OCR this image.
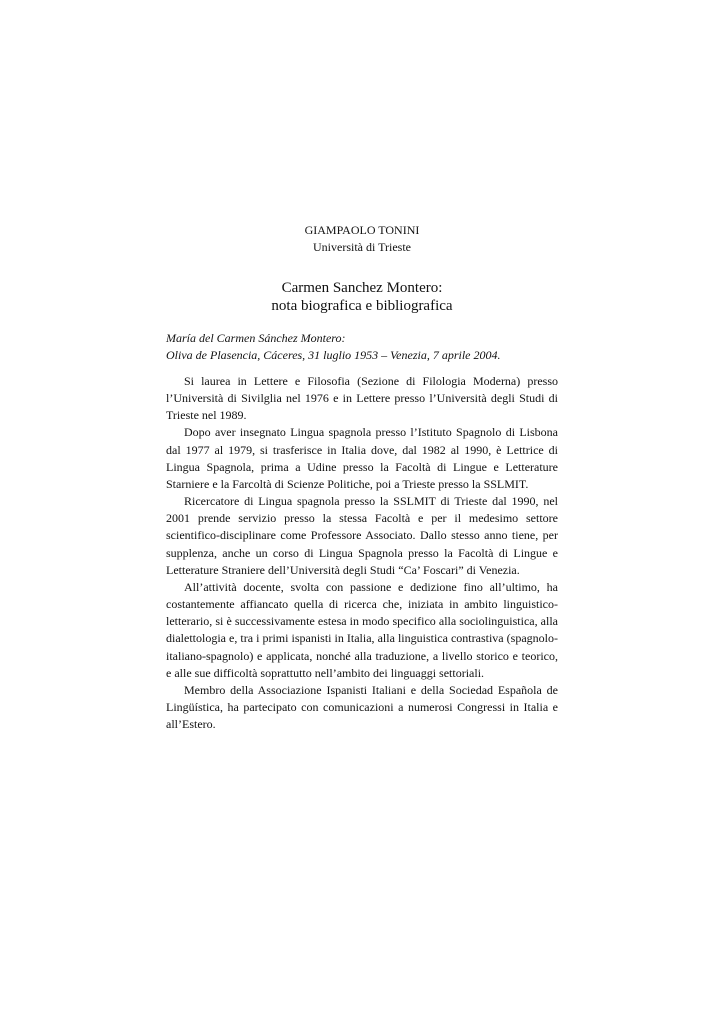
GIAMPAOLO TONINI
Università di Trieste
Carmen Sanchez Montero:
nota biografica e bibliografica
María del Carmen Sánchez Montero:
Oliva de Plasencia, Cáceres, 31 luglio 1953 – Venezia, 7 aprile 2004.

Si laurea in Lettere e Filosofia (Sezione di Filologia Moderna) presso l’Università di Sivilglia nel 1976 e in Lettere presso l’Università degli Studi di Trieste nel 1989.

Dopo aver insegnato Lingua spagnola presso l’Istituto Spagnolo di Lisbona dal 1977 al 1979, si trasferisce in Italia dove, dal 1982 al 1990, è Lettrice di Lingua Spagnola, prima a Udine presso la Facoltà di Lingue e Letterature Starniere e la Farcoltà di Scienze Politiche, poi a Trieste presso la SSLMIT.

Ricercatore di Lingua spagnola presso la SSLMIT di Trieste dal 1990, nel 2001 prende servizio presso la stessa Facoltà e per il medesimo settore scientifico-disciplinare come Professore Associato. Dallo stesso anno tiene, per supplenza, anche un corso di Lingua Spagnola presso la Facoltà di Lingue e Letterature Straniere dell’Università degli Studi “Ca’ Foscari” di Venezia.

All’attività docente, svolta con passione e dedizione fino all’ultimo, ha costantemente affiancato quella di ricerca che, iniziata in ambito linguistico-letterario, si è successivamente estesa in modo specifico alla sociolinguistica, alla dialettologia e, tra i primi ispanisti in Italia, alla linguistica contrastiva (spagnolo-italiano-spagnolo) e applicata, nonché alla traduzione, a livello storico e teorico, e alle sue difficoltà soprattutto nell’ambito dei linguaggi settoriali.

Membro della Associazione Ispanisti Italiani e della Sociedad Española de Lingüística, ha partecipato con comunicazioni a numerosi Congressi in Italia e all’Estero.
